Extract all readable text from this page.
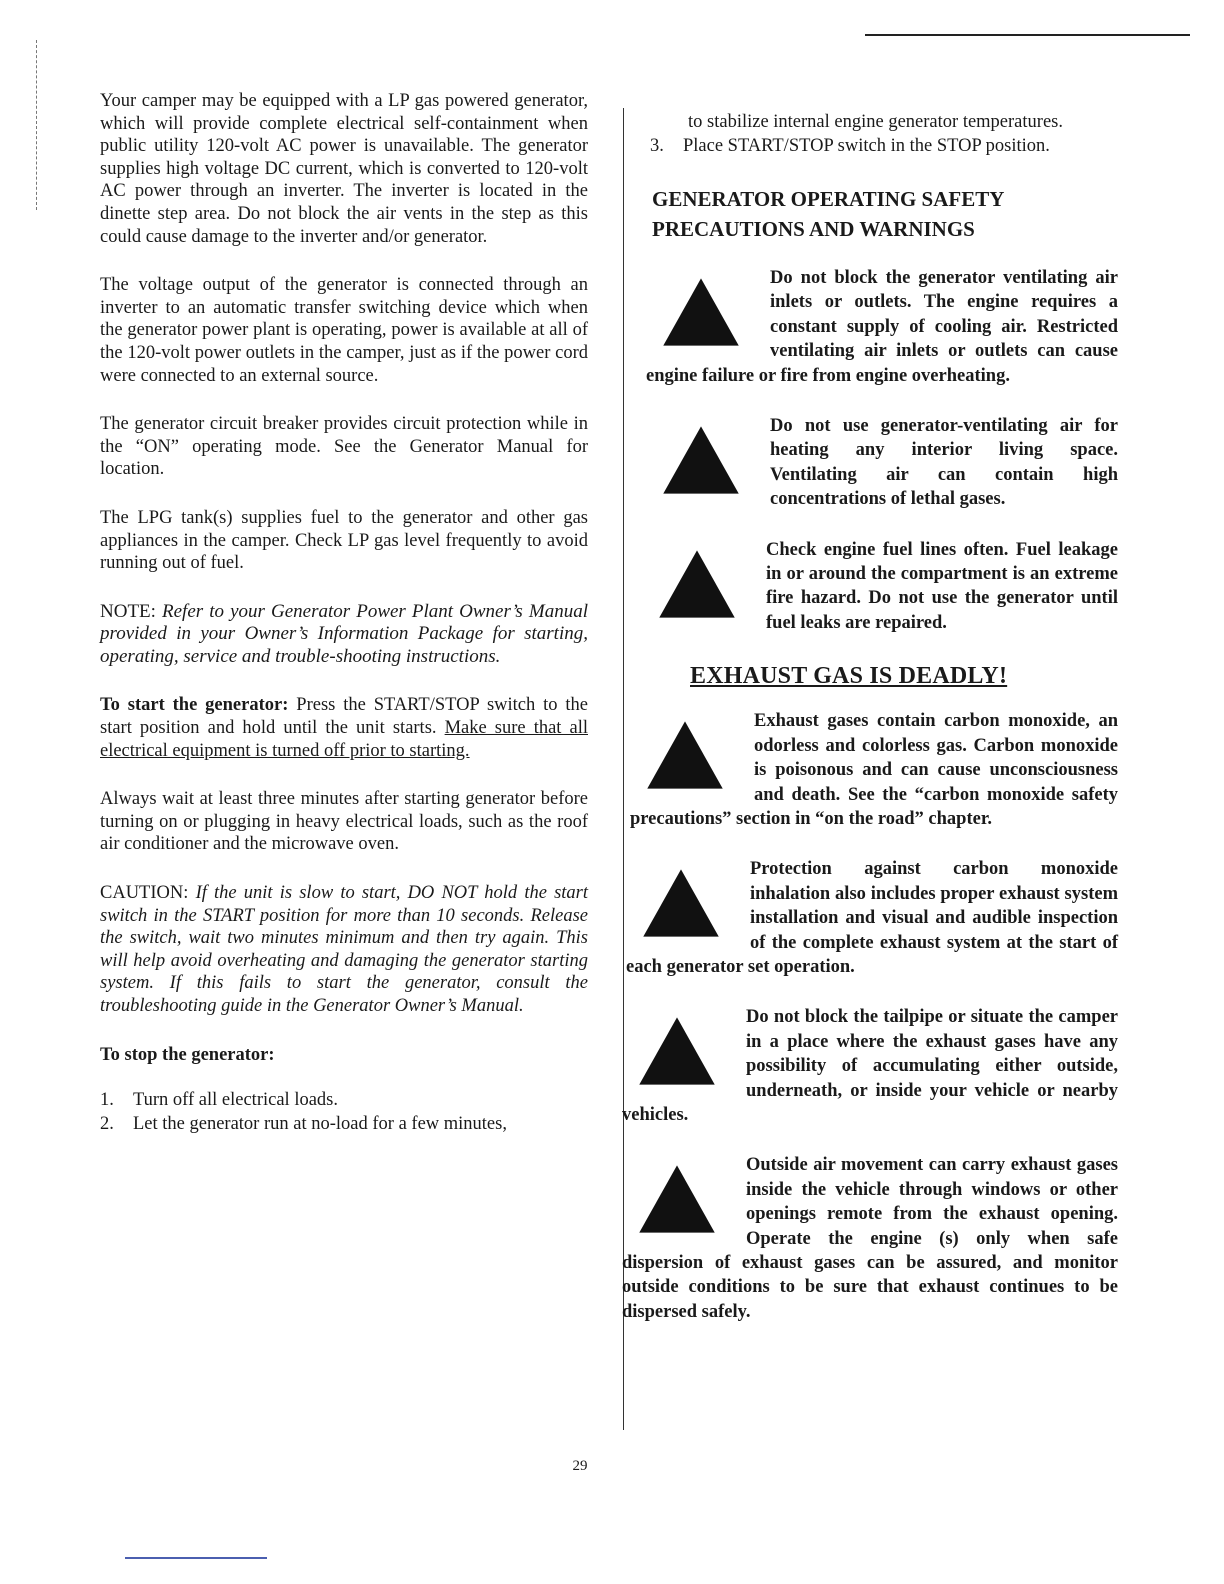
Your camper may be equipped with a LP gas powered generator, which will provide complete electrical self-containment when public utility 120-volt AC power is unavailable. The generator supplies high voltage DC current, which is converted to 120-volt AC power through an inverter. The inverter is located in the dinette step area. Do not block the air vents in the step as this could cause damage to the inverter and/or generator.

The voltage output of the generator is connected through an inverter to an automatic transfer switching device which when the generator power plant is operating, power is available at all of the 120-volt power outlets in the camper, just as if the power cord were connected to an external source.

The generator circuit breaker provides circuit protection while in the “ON” operating mode. See the Generator Manual for location.

The LPG tank(s) supplies fuel to the generator and other gas appliances in the camper. Check LP gas level frequently to avoid running out of fuel.

NOTE: Refer to your Generator Power Plant Owner’s Manual provided in your Owner’s Information Package for starting, operating, service and trouble-shooting instructions.

To start the generator: Press the START/STOP switch to the start position and hold until the unit starts. Make sure that all electrical equipment is turned off prior to starting.

Always wait at least three minutes after starting generator before turning on or plugging in heavy electrical loads, such as the roof air conditioner and the microwave oven.

CAUTION: If the unit is slow to start, DO NOT hold the start switch in the START position for more than 10 seconds. Release the switch, wait two minutes minimum and then try again. This will help avoid overheating and damaging the generator starting system. If this fails to start the generator, consult the troubleshooting guide in the Generator Owner’s Manual.

To stop the generator:

1.	Turn off all electrical loads.
2.	Let the generator run at no-load for a few minutes,
to stabilize internal engine generator temperatures.
3.	Place START/STOP switch in the STOP position.
GENERATOR OPERATING SAFETY
PRECAUTIONS AND WARNINGS
Do not block the generator ventilating air inlets or outlets. The engine requires a constant supply of cooling air. Restricted ventilating air inlets or outlets can cause engine failure or fire from engine overheating.
Do not use generator-ventilating air for heating any interior living space. Ventilating air can contain high concentrations of lethal gases.
Check engine fuel lines often. Fuel leakage in or around the compartment is an extreme fire hazard. Do not use the generator until fuel leaks are repaired.
EXHAUST GAS IS DEADLY!
Exhaust gases contain carbon monoxide, an odorless and colorless gas. Carbon monoxide is poisonous and can cause unconsciousness and death. See the “carbon monoxide safety precautions” section in “on the road” chapter.
Protection against carbon monoxide inhalation also includes proper exhaust system installation and visual and audible inspection of the complete exhaust system at the start of each generator set operation.
Do not block the tailpipe or situate the camper in a place where the exhaust gases have any possibility of accumulating either outside, underneath, or inside your vehicle or nearby vehicles.
Outside air movement can carry exhaust gases inside the vehicle through windows or other openings remote from the exhaust opening. Operate the engine (s) only when safe dispersion of exhaust gases can be assured, and monitor outside conditions to be sure that exhaust continues to be dispersed safely.
29
